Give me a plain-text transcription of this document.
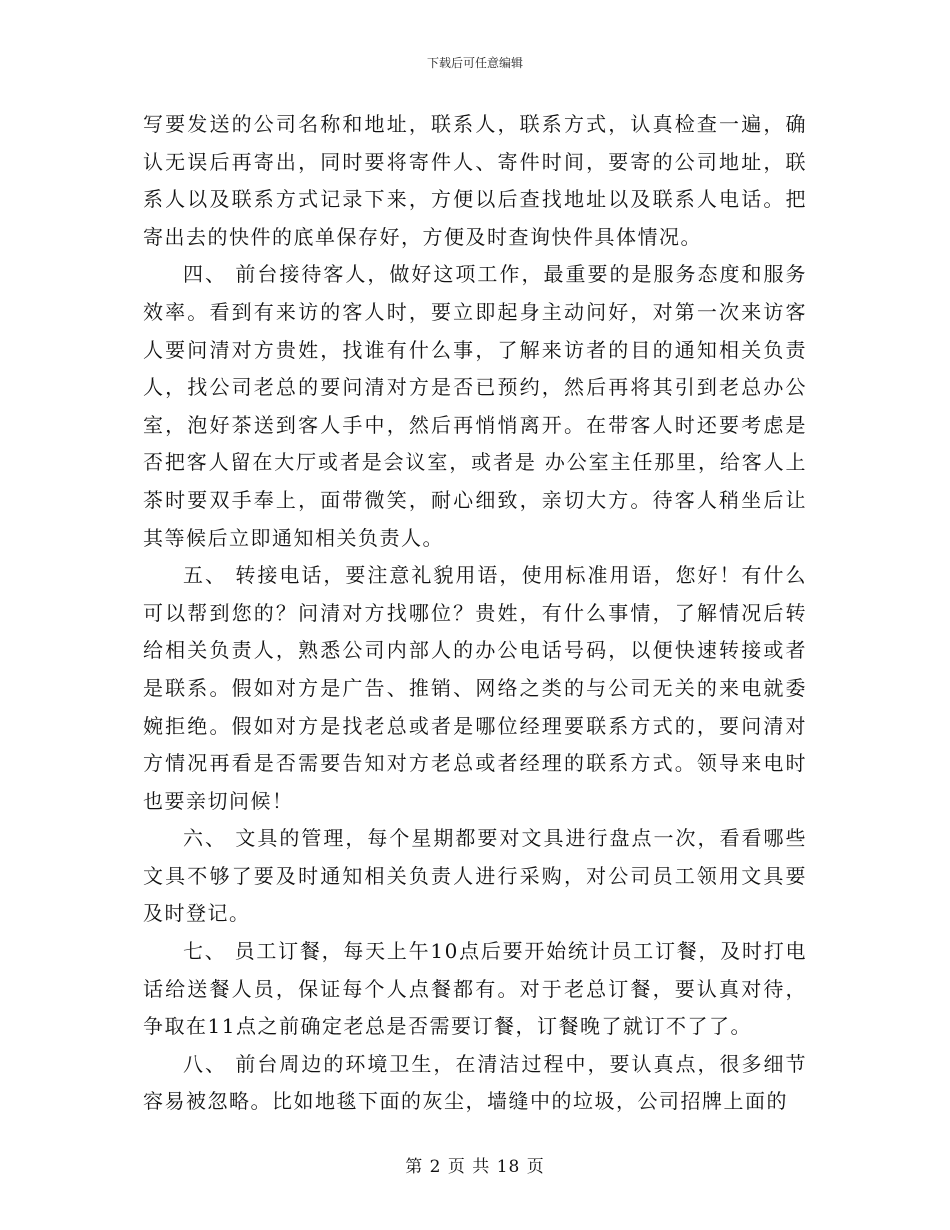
下载后可任意编辑

写要发送的公司名称和地址，联系人，联系方式，认真检查一遍，确认无误后再寄出，同时要将寄件人、寄件时间，要寄的公司地址，联系人以及联系方式记录下来，方便以后查找地址以及联系人电话。把寄出去的快件的底单保存好，方便及时查询快件具体情况。

四、 前台接待客人，做好这项工作，最重要的是服务态度和服务效率。看到有来访的客人时，要立即起身主动问好，对第一次来访客人要问清对方贵姓，找谁有什么事，了解来访者的目的通知相关负责人，找公司老总的要问清对方是否已预约，然后再将其引到老总办公室，泡好茶送到客人手中，然后再悄悄离开。在带客人时还要考虑是否把客人留在大厅或者是会议室，或者是 办公室主任那里，给客人上茶时要双手奉上，面带微笑，耐心细致，亲切大方。待客人稍坐后让其等候后立即通知相关负责人。

五、 转接电话，要注意礼貌用语，使用标准用语，您好！有什么可以帮到您的？问清对方找哪位？贵姓，有什么事情，了解情况后转给相关负责人，熟悉公司内部人的办公电话号码，以便快速转接或者是联系。假如对方是广告、推销、网络之类的与公司无关的来电就委婉拒绝。假如对方是找老总或者是哪位经理要联系方式的，要问清对方情况再看是否需要告知对方老总或者经理的联系方式。领导来电时也要亲切问候！

六、 文具的管理，每个星期都要对文具进行盘点一次，看看哪些文具不够了要及时通知相关负责人进行采购，对公司员工领用文具要及时登记。

七、 员工订餐，每天上午10点后要开始统计员工订餐，及时打电话给送餐人员，保证每个人点餐都有。对于老总订餐，要认真对待，争取在11点之前确定老总是否需要订餐，订餐晚了就订不了了。

八、 前台周边的环境卫生，在清洁过程中，要认真点，很多细节容易被忽略。比如地毯下面的灰尘，墙缝中的垃圾，公司招牌上面的

第 2 页 共 18 页
